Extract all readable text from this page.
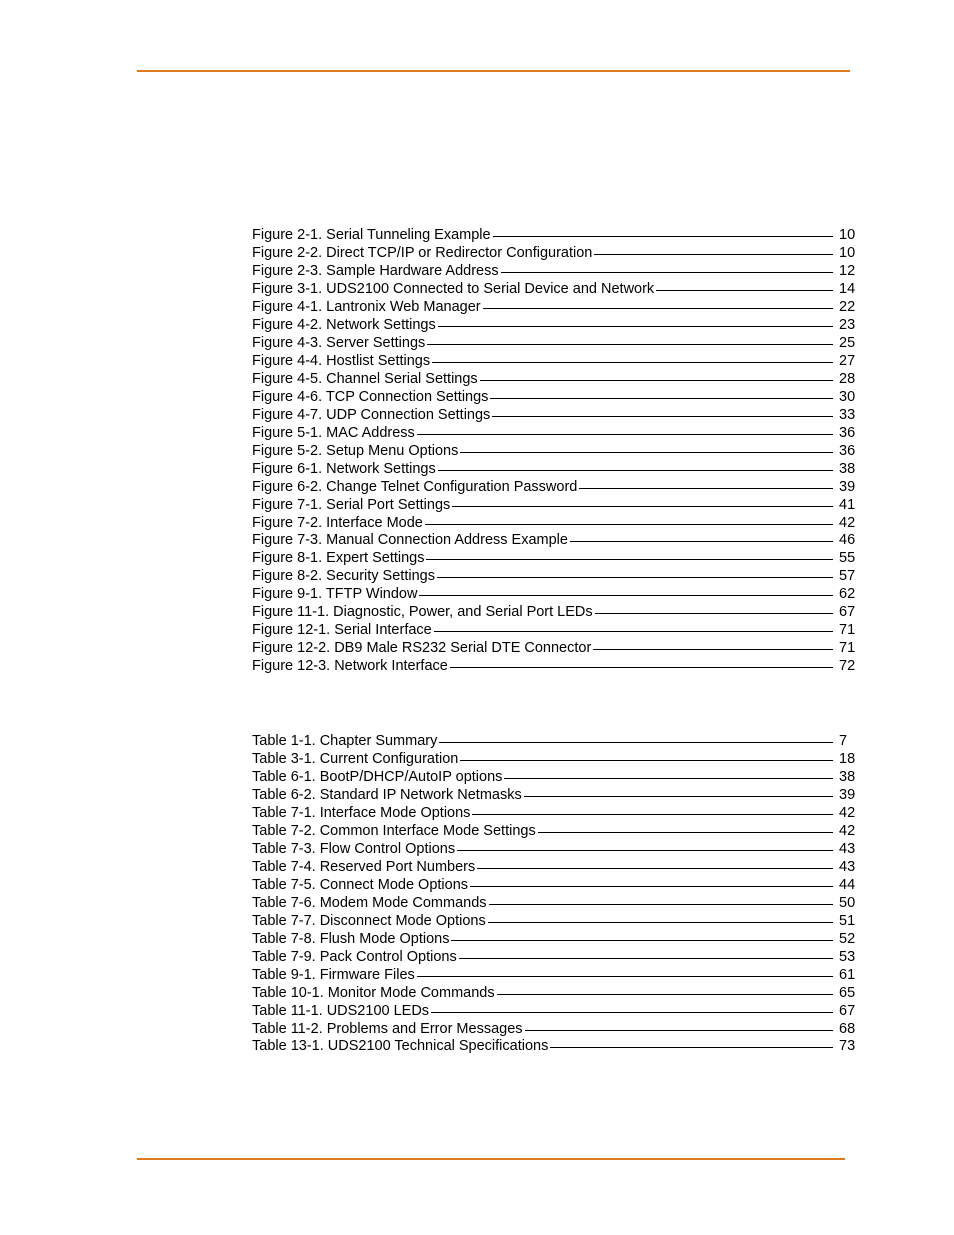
Figure 2-1. Serial Tunneling Example	10
Figure 2-2. Direct TCP/IP or Redirector Configuration	10
Figure 2-3. Sample Hardware Address	12
Figure 3-1. UDS2100 Connected to Serial Device and Network	14
Figure 4-1. Lantronix Web Manager	22
Figure 4-2. Network Settings	23
Figure 4-3. Server Settings	25
Figure 4-4. Hostlist Settings	27
Figure 4-5. Channel Serial Settings	28
Figure 4-6. TCP Connection Settings	30
Figure 4-7. UDP Connection Settings	33
Figure 5-1. MAC Address	36
Figure 5-2. Setup Menu Options	36
Figure 6-1. Network Settings	38
Figure 6-2. Change Telnet Configuration Password	39
Figure 7-1. Serial Port Settings	41
Figure 7-2. Interface Mode	42
Figure 7-3. Manual Connection Address Example	46
Figure 8-1. Expert Settings	55
Figure 8-2. Security Settings	57
Figure 9-1. TFTP Window	62
Figure 11-1. Diagnostic, Power, and Serial Port LEDs	67
Figure 12-1. Serial Interface	71
Figure 12-2. DB9 Male RS232 Serial DTE Connector	71
Figure 12-3. Network Interface	72
Table 1-1. Chapter Summary	7
Table 3-1. Current Configuration	18
Table 6-1. BootP/DHCP/AutoIP options	38
Table 6-2. Standard IP Network Netmasks	39
Table 7-1. Interface Mode Options	42
Table 7-2. Common Interface Mode Settings	42
Table 7-3. Flow Control Options	43
Table 7-4. Reserved Port Numbers	43
Table 7-5. Connect Mode Options	44
Table 7-6. Modem Mode Commands	50
Table 7-7. Disconnect Mode Options	51
Table 7-8. Flush Mode Options	52
Table 7-9. Pack Control Options	53
Table 9-1. Firmware Files	61
Table 10-1. Monitor Mode Commands	65
Table 11-1. UDS2100 LEDs	67
Table 11-2. Problems and Error Messages	68
Table 13-1. UDS2100 Technical Specifications	73
